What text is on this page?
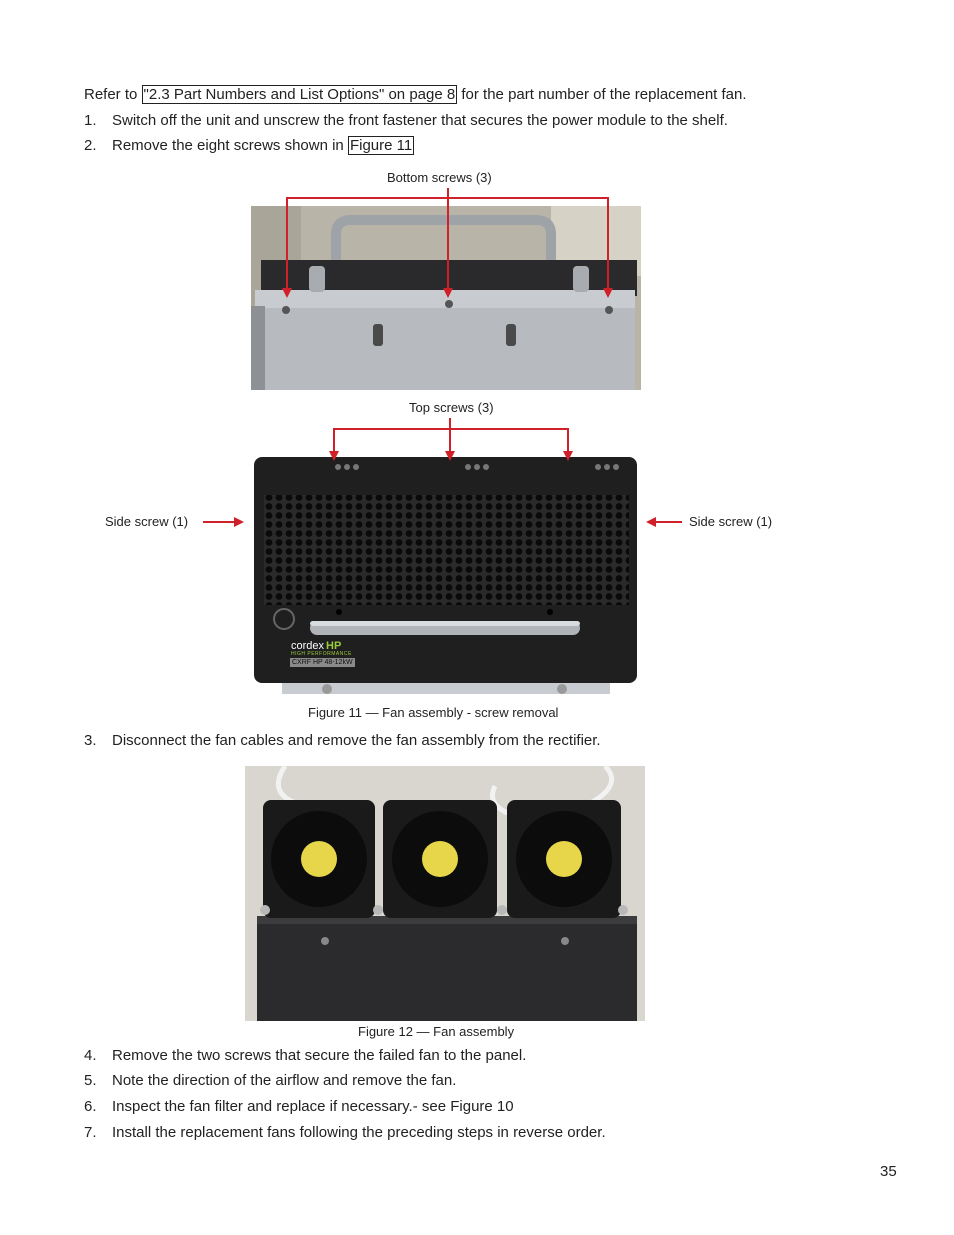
Refer to "2.3 Part Numbers and List Options" on page 8 for the part number of the replacement fan.
1. Switch off the unit and unscrew the front fastener that secures the power module to the shelf.
2. Remove the eight screws shown in Figure 11
Bottom screws (3)
Top screws (3)
Side screw (1)	Side screw (1)
cordex HP
HIGH PERFORMANCE
CXRF HP 48-12kW
Figure 11 — Fan assembly - screw removal
3. Disconnect the fan cables and remove the fan assembly from the rectifier.
Figure 12 — Fan assembly
4. Remove the two screws that secure the failed fan to the panel.
5. Note the direction of the airflow and remove the fan.
6. Inspect the fan filter and replace if necessary.- see Figure 10
7. Install the replacement fans following the preceding steps in reverse order.
35
